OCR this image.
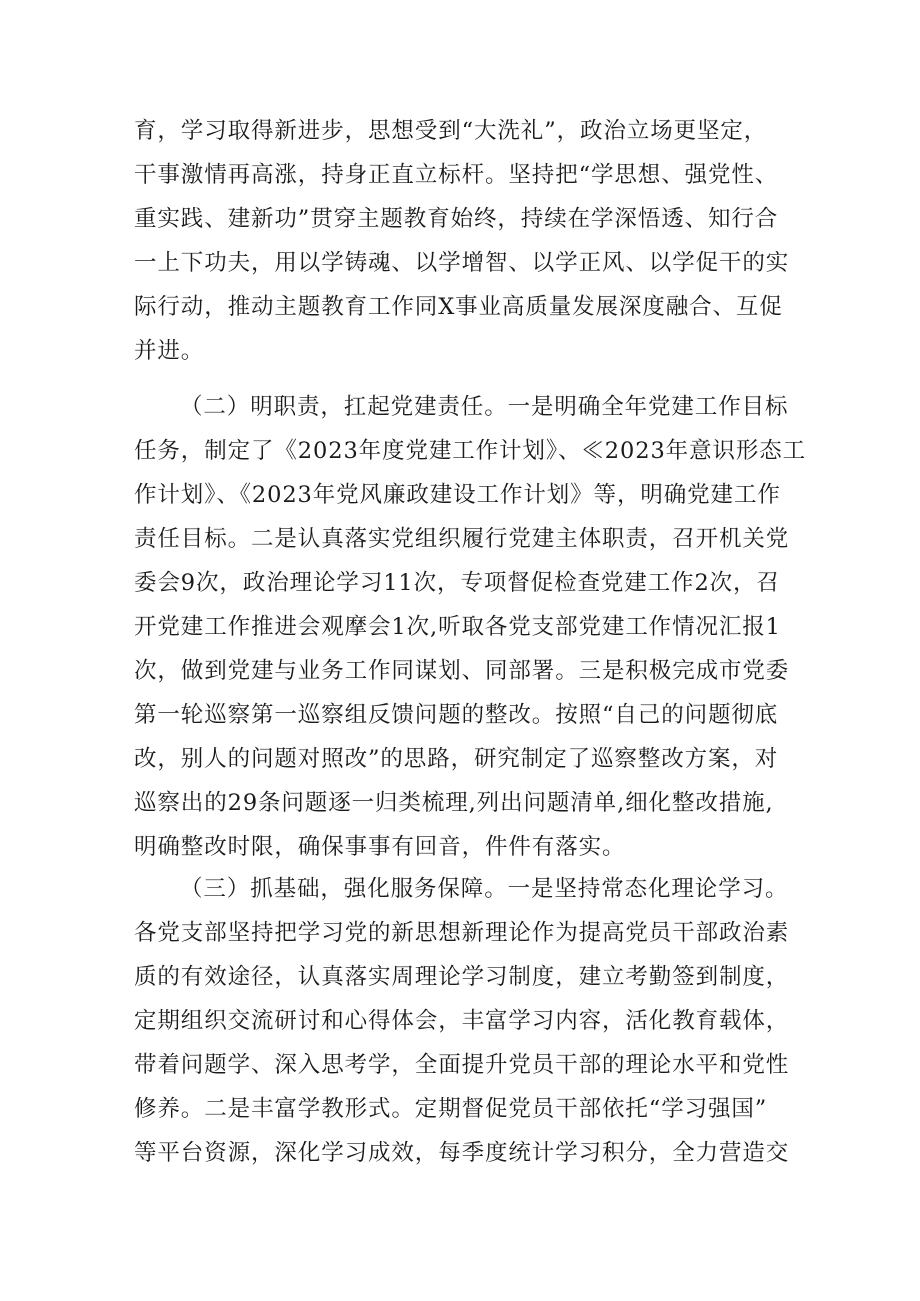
育，学习取得新进步，思想受到“大洗礼”，政治立场更坚定，

干事激情再高涨，持身正直立标杆。坚持把“学思想、强党性、

重实践、建新功”贯穿主题教育始终，持续在学深悟透、知行合

一上下功夫，用以学铸魂、以学增智、以学正风、以学促干的实

际行动，推动主题教育工作同X事业高质量发展深度融合、互促

并进。

（二）明职责，扛起党建责任。一是明确全年党建工作目标

任务，制定了《2023年度党建工作计划》、≪2023年意识形态工

作计划》、《2023年党风廉政建设工作计划》等，明确党建工作

责任目标。二是认真落实党组织履行党建主体职责，召开机关党

委会9次，政治理论学习11次，专项督促检查党建工作2次，召

开党建工作推进会观摩会1次,听取各党支部党建工作情况汇报1

次，做到党建与业务工作同谋划、同部署。三是积极完成市党委

第一轮巡察第一巡察组反馈问题的整改。按照“自己的问题彻底

改，别人的问题对照改”的思路，研究制定了巡察整改方案，对

巡察出的29条问题逐一归类梳理,列出问题清单,细化整改措施,

明确整改时限，确保事事有回音，件件有落实。

（三）抓基础，强化服务保障。一是坚持常态化理论学习。

各党支部坚持把学习党的新思想新理论作为提高党员干部政治素

质的有效途径，认真落实周理论学习制度，建立考勤签到制度，

定期组织交流研讨和心得体会，丰富学习内容，活化教育载体，

带着问题学、深入思考学，全面提升党员干部的理论水平和党性

修养。二是丰富学教形式。定期督促党员干部依托“学习强国”

等平台资源，深化学习成效，每季度统计学习积分，全力营造交
